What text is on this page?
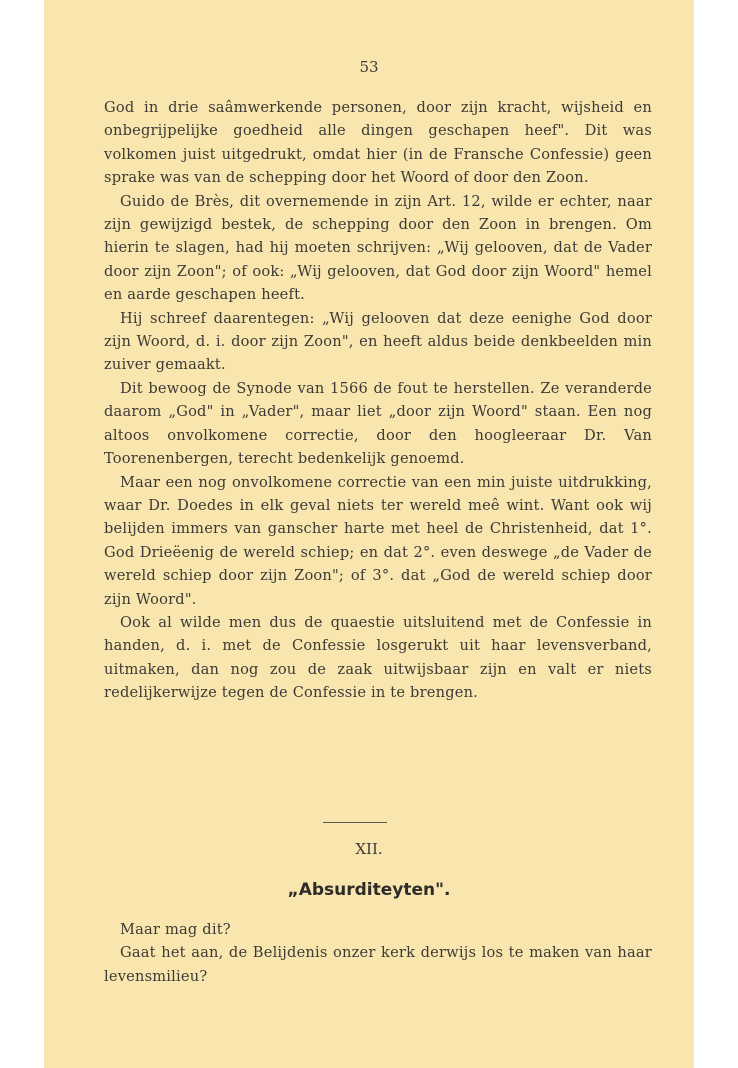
53

God in drie saâmwerkende personen, door zijn kracht, wijsheid en onbegrijpelijke goedheid alle dingen geschapen heef". Dit was volkomen juist uitgedrukt, omdat hier (in de Fransche Confessie) geen sprake was van de schepping door het Woord of door den Zoon.

Guido de Brès, dit overnemende in zijn Art. 12, wilde er echter, naar zijn gewijzigd bestek, de schepping door den Zoon in brengen. Om hierin te slagen, had hij moeten schrijven: „Wij gelooven, dat de Vader door zijn Zoon"; of ook: „Wij gelooven, dat God door zijn Woord" hemel en aarde geschapen heeft.

Hij schreef daarentegen: „Wij gelooven dat deze eenighe God door zijn Woord, d. i. door zijn Zoon", en heeft aldus beide denkbeelden min zuiver gemaakt.

Dit bewoog de Synode van 1566 de fout te herstellen. Ze veranderde daarom „God" in „Vader", maar liet „door zijn Woord" staan. Een nog altoos onvolkomene correctie, door den hoogleeraar Dr. Van Toorenenbergen, terecht bedenkelijk genoemd.

Maar een nog onvolkomene correctie van een min juiste uitdrukking, waar Dr. Doedes in elk geval niets ter wereld meê wint. Want ook wij belijden immers van ganscher harte met heel de Christenheid, dat 1°. God Drieëenig de wereld schiep; en dat 2°. even deswege „de Vader de wereld schiep door zijn Zoon"; of 3°. dat „God de wereld schiep door zijn Woord".

Ook al wilde men dus de quaestie uitsluitend met de Confessie in handen, d. i. met de Confessie losgerukt uit haar levensverband, uitmaken, dan nog zou de zaak uitwijsbaar zijn en valt er niets redelijkerwijze tegen de Confessie in te brengen.

XII.
„Absurditeyten".

Maar mag dit?

Gaat het aan, de Belijdenis onzer kerk derwijs los te maken van haar levensmilieu?
